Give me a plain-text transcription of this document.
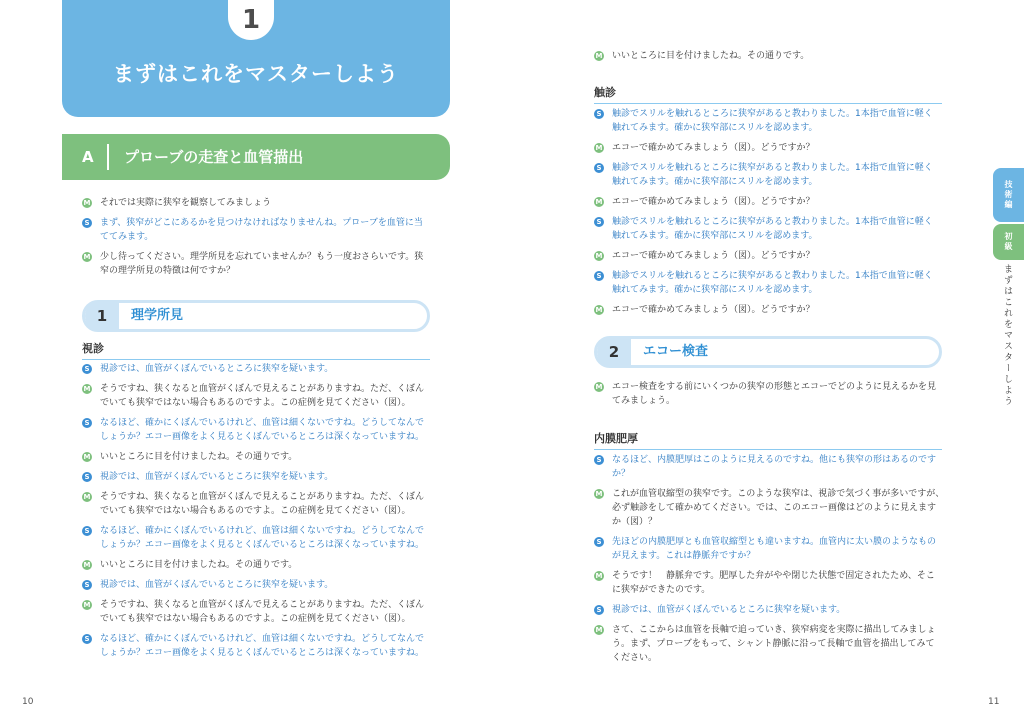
1
まずはこれをマスターしよう
A プローブの走査と血管描出
M それでは実際に狭窄を観察してみましょう
S まず、狭窄がどこにあるかを見つけなければなりませんね。プローブを血管に当
ててみます。
M 少し待ってください。理学所見を忘れていませんか？もう一度おさらいです。狭
窄の理学所見の特徴は何ですか？
1	理学所見
視診
S 視診では、血管がくぼんでいるところに狭窄を疑います。
M そうですね、狭くなると血管がくぼんで見えることがありますね。ただ、くぼん
でいても狭窄ではない場合もあるのですよ。この症例を見てください（図）。
S なるほど、確かにくぼんでいるけれど、血管は細くないですね。どうしてなんで
しょうか？エコー画像をよく見るとくぼんでいるところは深くなっていますね。
M いいところに目を付けましたね。その通りです。
S 視診では、血管がくぼんでいるところに狭窄を疑います。
M そうですね、狭くなると血管がくぼんで見えることがありますね。ただ、くぼん
でいても狭窄ではない場合もあるのですよ。この症例を見てください（図）。
S なるほど、確かにくぼんでいるけれど、血管は細くないですね。どうしてなんで
しょうか？エコー画像をよく見るとくぼんでいるところは深くなっていますね。
M いいところに目を付けましたね。その通りです。
S 視診では、血管がくぼんでいるところに狭窄を疑います。
M そうですね、狭くなると血管がくぼんで見えることがありますね。ただ、くぼん
でいても狭窄ではない場合もあるのですよ。この症例を見てください（図）。
S なるほど、確かにくぼんでいるけれど、血管は細くないですね。どうしてなんで
しょうか？エコー画像をよく見るとくぼんでいるところは深くなっていますね。
10
M いいところに目を付けましたね。その通りです。
触診
S 触診でスリルを触れるところに狭窄があると教わりました。1本指で血管に軽く
触れてみます。確かに狭窄部にスリルを認めます。
M エコーで確かめてみましょう（図）。どうですか？
S 触診でスリルを触れるところに狭窄があると教わりました。1本指で血管に軽く
触れてみます。確かに狭窄部にスリルを認めます。
M エコーで確かめてみましょう（図）。どうですか？
S 触診でスリルを触れるところに狭窄があると教わりました。1本指で血管に軽く
触れてみます。確かに狭窄部にスリルを認めます。
M エコーで確かめてみましょう（図）。どうですか？
S 触診でスリルを触れるところに狭窄があると教わりました。1本指で血管に軽く
触れてみます。確かに狭窄部にスリルを認めます。
M エコーで確かめてみましょう（図）。どうですか？
2	エコー検査
M エコー検査をする前にいくつかの狭窄の形態とエコーでどのように見えるかを見
てみましょう。
内膜肥厚
S なるほど、内膜肥厚はこのように見えるのですね。他にも狭窄の形はあるのです
か？
M これが血管収縮型の狭窄です。このような狭窄は、視診で気づく事が多いですが、
必ず触診をして確かめてください。では、このエコー画像はどのように見えます
か（図）？
S 先ほどの内膜肥厚とも血管収縮型とも違いますね。血管内に太い膜のようなもの
が見えます。これは静脈弁ですか？
M そうです！　静脈弁です。肥厚した弁がやや閉じた状態で固定されたため、そこ
に狭窄ができたのです。
S 視診では、血管がくぼんでいるところに狭窄を疑います。
M さて、ここからは血管を長軸で追っていき、狭窄病変を実際に描出してみましょ
う。まず、プローブをもって、シャント静脈に沿って長軸で血管を描出してみて
ください。
11
技術編
初級
まずはこれをマスターしよう
